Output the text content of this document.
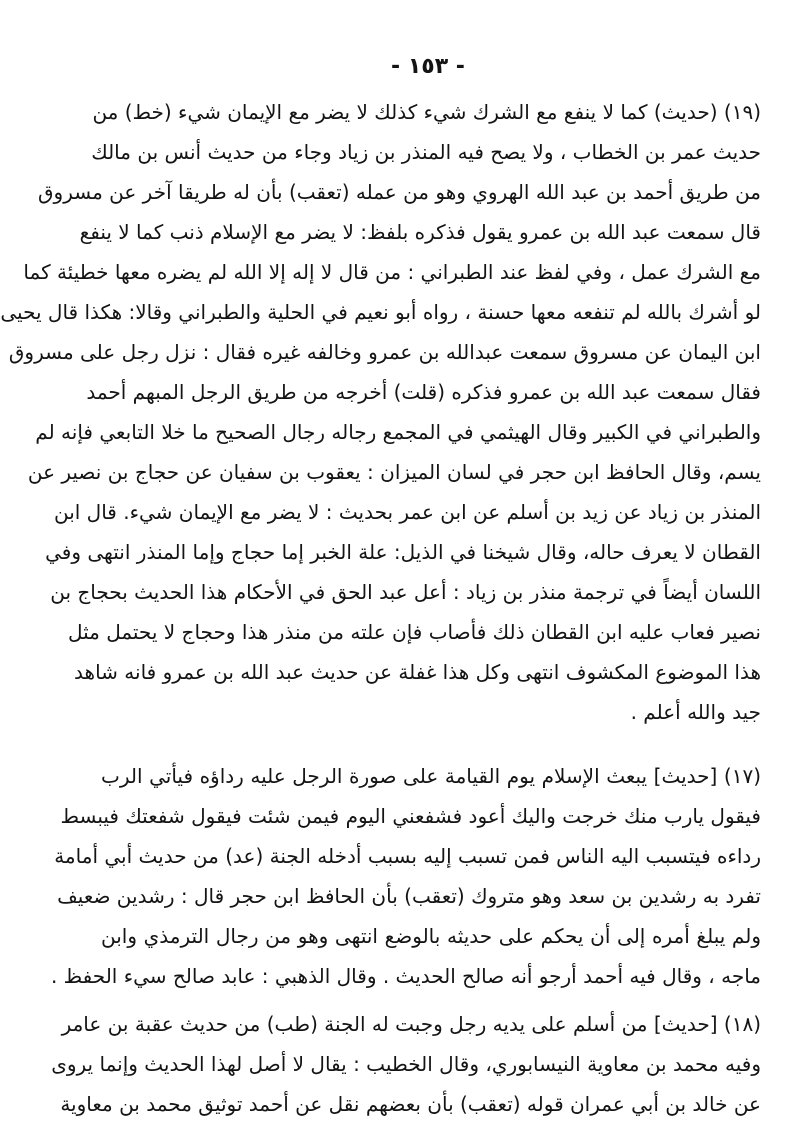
- ١٥٣ -
(١٩) (حديث) كما لا ينفع مع الشرك شيء كذلك لا يضر مع الإيمان شيء (خط) من
حديث عمر بن الخطاب ، ولا يصح فيه المنذر بن زياد وجاء من حديث أنس بن مالك
من طريق أحمد بن عبد الله الهروي وهو من عمله (تعقب) بأن له طريقا آخر عن مسروق
قال سمعت عبد الله بن عمرو يقول فذكره بلفظ: لا يضر مع الإسلام ذنب كما لا ينفع
مع الشرك عمل ، وفي لفظ عند الطبراني : من قال لا إله إلا الله لم يضره معها خطيئة كما
لو أشرك بالله لم تنفعه معها حسنة ، رواه أبو نعيم في الحلية والطبراني وقالا: هكذا قال يحيى
ابن اليمان عن مسروق سمعت عبدالله بن عمرو وخالفه غيره فقال : نزل رجل على مسروق
فقال سمعت عبد الله بن عمرو فذكره (قلت) أخرجه من طريق الرجل المبهم أحمد
والطبراني في الكبير وقال الهيثمي في المجمع رجاله رجال الصحيح ما خلا التابعي فإنه لم
يسم، وقال الحافظ ابن حجر في لسان الميزان : يعقوب بن سفيان عن حجاج بن نصير عن
المنذر بن زياد عن زيد بن أسلم عن ابن عمر بحديث : لا يضر مع الإيمان شيء. قال ابن
القطان لا يعرف حاله، وقال شيخنا في الذيل: علة الخبر إما حجاج وإما المنذر انتهى وفي
اللسان أيضاً في ترجمة منذر بن زياد : أعل عبد الحق في الأحكام هذا الحديث بحجاج بن
نصير فعاب عليه ابن القطان ذلك فأصاب فإن علته من منذر هذا وحجاج لا يحتمل مثل
هذا الموضوع المكشوف انتهى وكل هذا غفلة عن حديث عبد الله بن عمرو فانه شاهد
جيد والله أعلم .
(١٧) [حديث] يبعث الإسلام يوم القيامة على صورة الرجل عليه رداؤه فيأتي الرب
فيقول يارب منك خرجت واليك أعود فشفعني اليوم فيمن شئت فيقول شفعتك فيبسط
رداءه فيتسبب اليه الناس فمن تسبب إليه بسبب أدخله الجنة (عد) من حديث أبي أمامة
تفرد به رشدين بن سعد وهو متروك (تعقب) بأن الحافظ ابن حجر قال : رشدين ضعيف
ولم يبلغ أمره إلى أن يحكم على حديثه بالوضع انتهى وهو من رجال الترمذي وابن
ماجه ، وقال فيه أحمد أرجو أنه صالح الحديث . وقال الذهبي : عابد صالح سيء الحفظ .
(١٨) [حديث] من أسلم على يديه رجل وجبت له الجنة (طب) من حديث عقبة بن عامر
وفيه محمد بن معاوية النيسابوري، وقال الخطيب : يقال لا أصل لهذا الحديث وإنما يروى
عن خالد بن أبي عمران قوله (تعقب) بأن بعضهم نقل عن أحمد توثيق محمد بن معاوية
